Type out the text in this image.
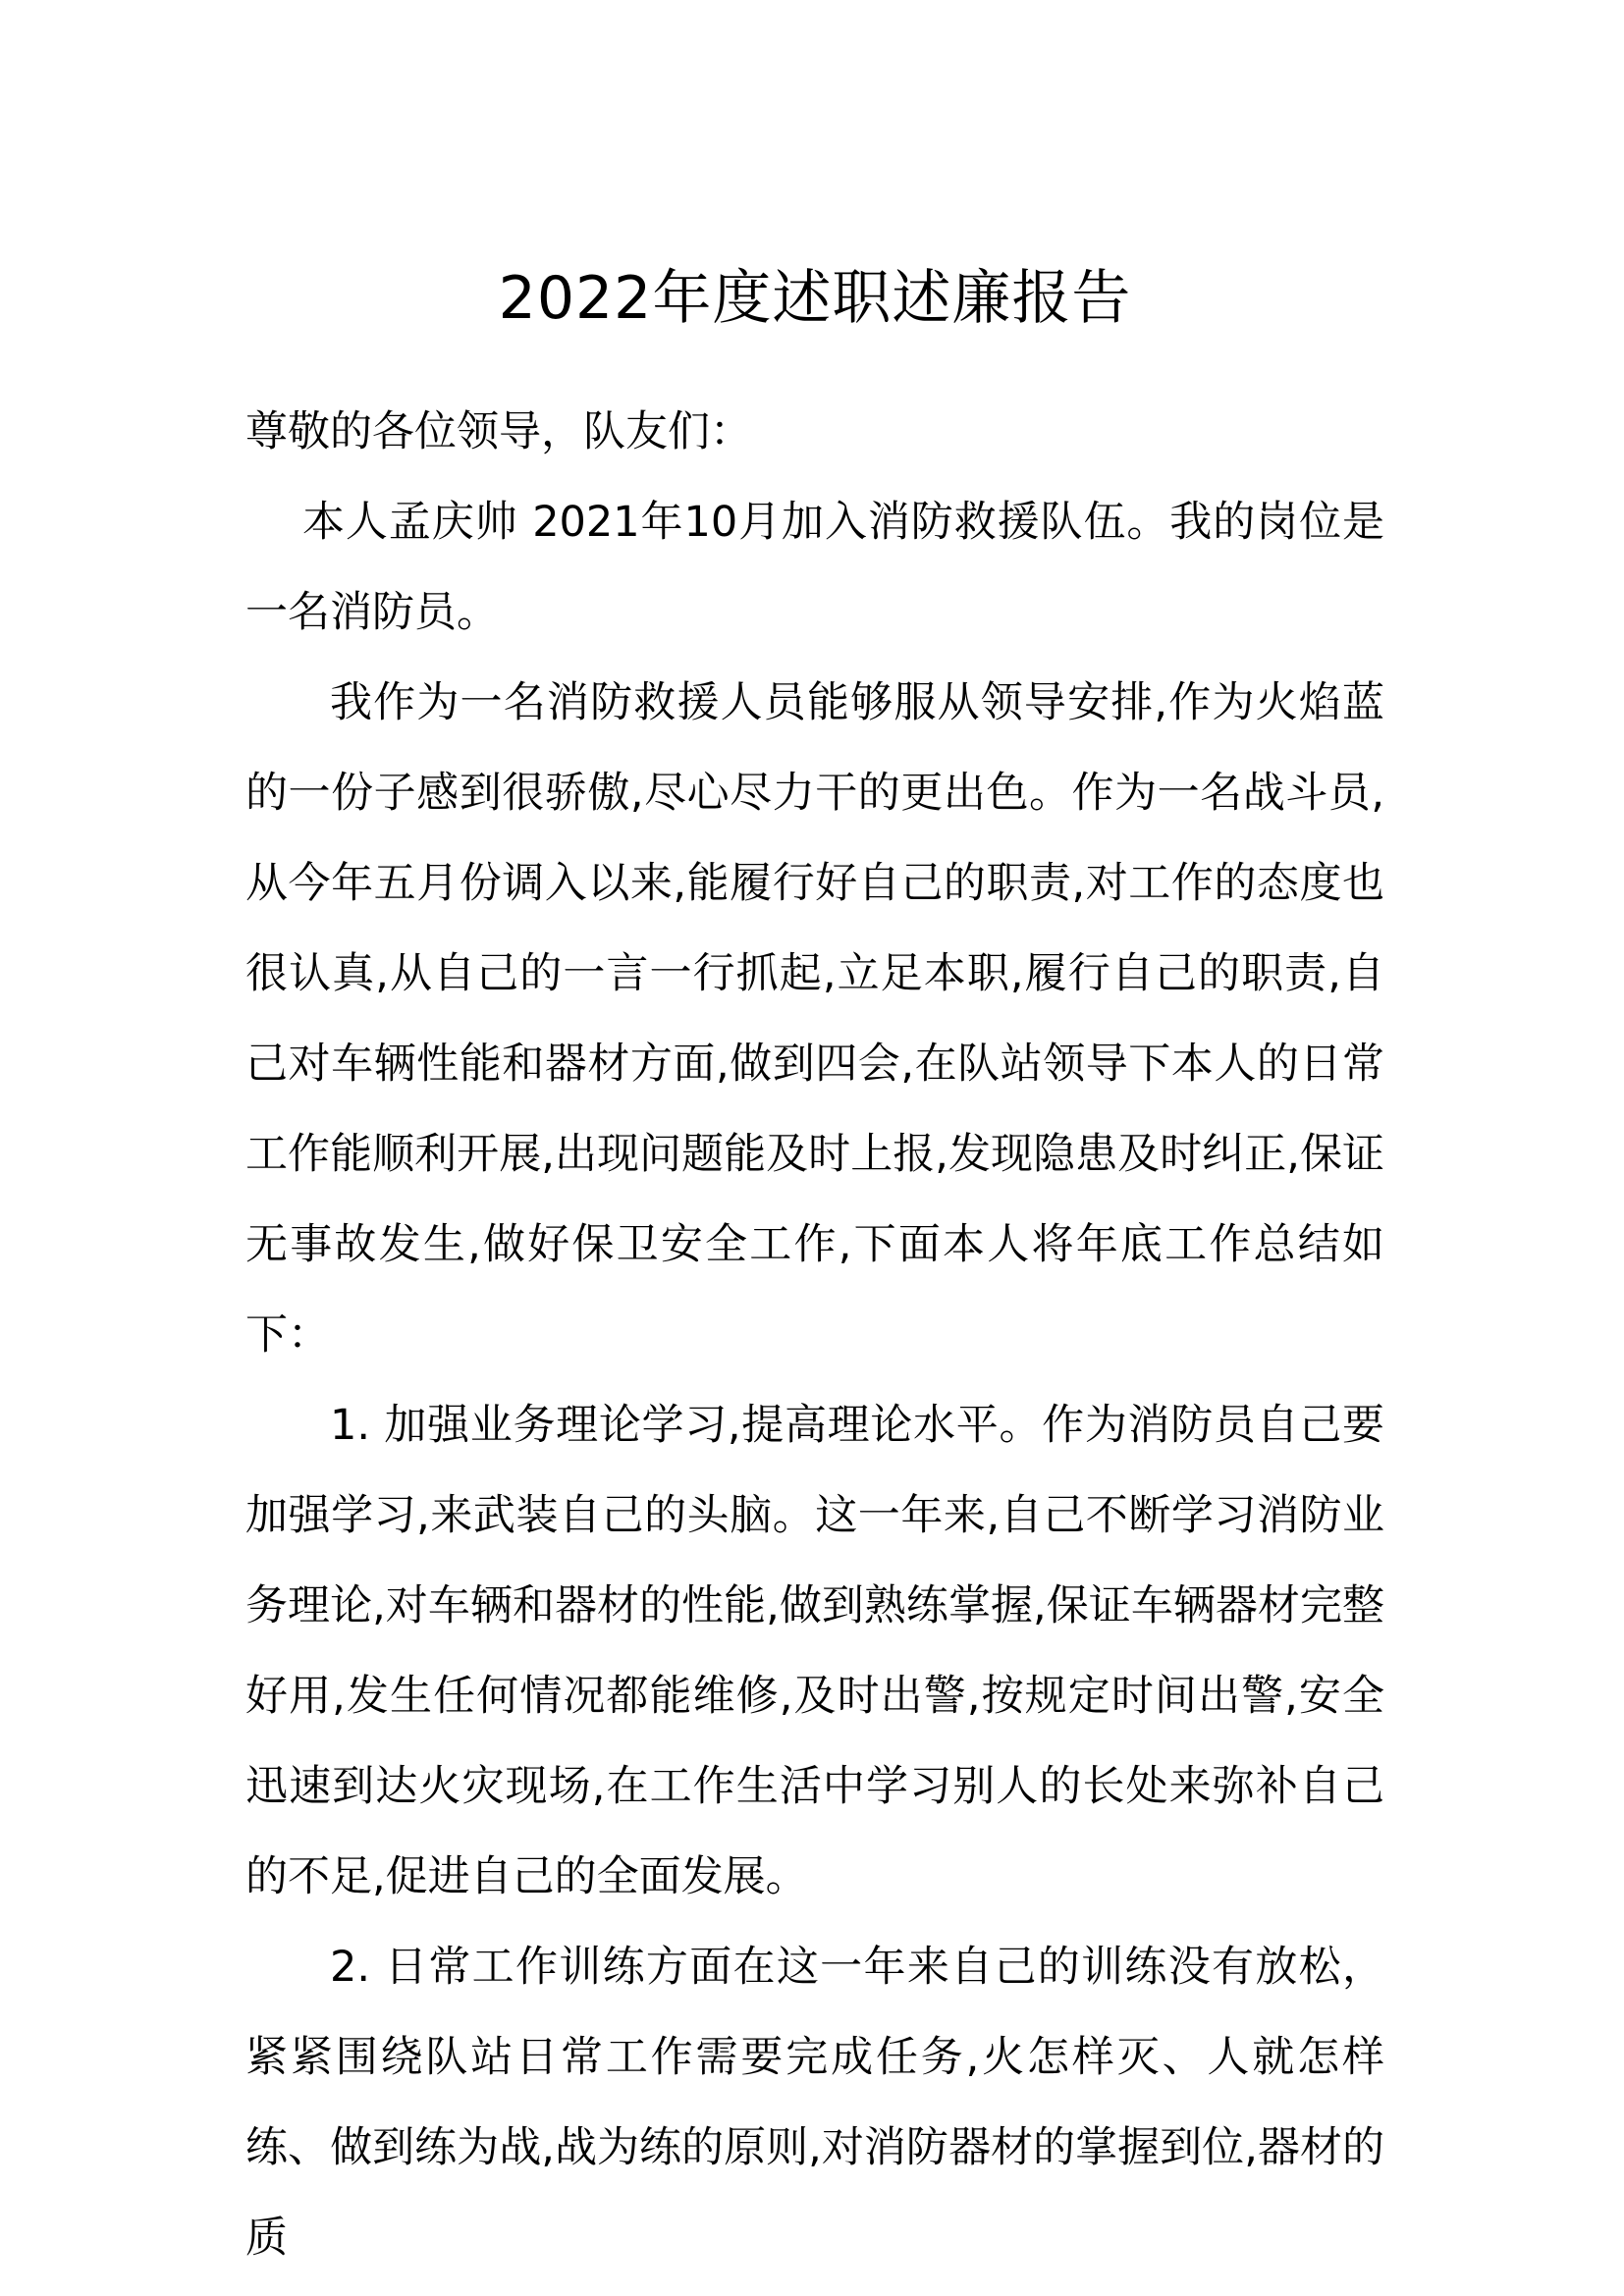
2022年度述职述廉报告

尊敬的各位领导，队友们：

本人孟庆帅 2021年10月加入消防救援队伍。我的岗位是一名消防员。

我作为一名消防救援人员能够服从领导安排,作为火焰蓝的一份子感到很骄傲,尽心尽力干的更出色。作为一名战斗员,从今年五月份调入以来,能履行好自己的职责,对工作的态度也很认真,从自己的一言一行抓起,立足本职,履行自己的职责,自己对车辆性能和器材方面,做到四会,在队站领导下本人的日常工作能顺利开展,出现问题能及时上报,发现隐患及时纠正,保证无事故发生,做好保卫安全工作,下面本人将年底工作总结如下：

1. 加强业务理论学习,提高理论水平。作为消防员自己要加强学习,来武装自己的头脑。这一年来,自己不断学习消防业务理论,对车辆和器材的性能,做到熟练掌握,保证车辆器材完整好用,发生任何情况都能维修,及时出警,按规定时间出警,安全迅速到达火灾现场,在工作生活中学习别人的长处来弥补自己的不足,促进自己的全面发展。

2. 日常工作训练方面在这一年来自己的训练没有放松，紧紧围绕队站日常工作需要完成任务,火怎样灭、人就怎样练、做到练为战,战为练的原则,对消防器材的掌握到位,器材的质
